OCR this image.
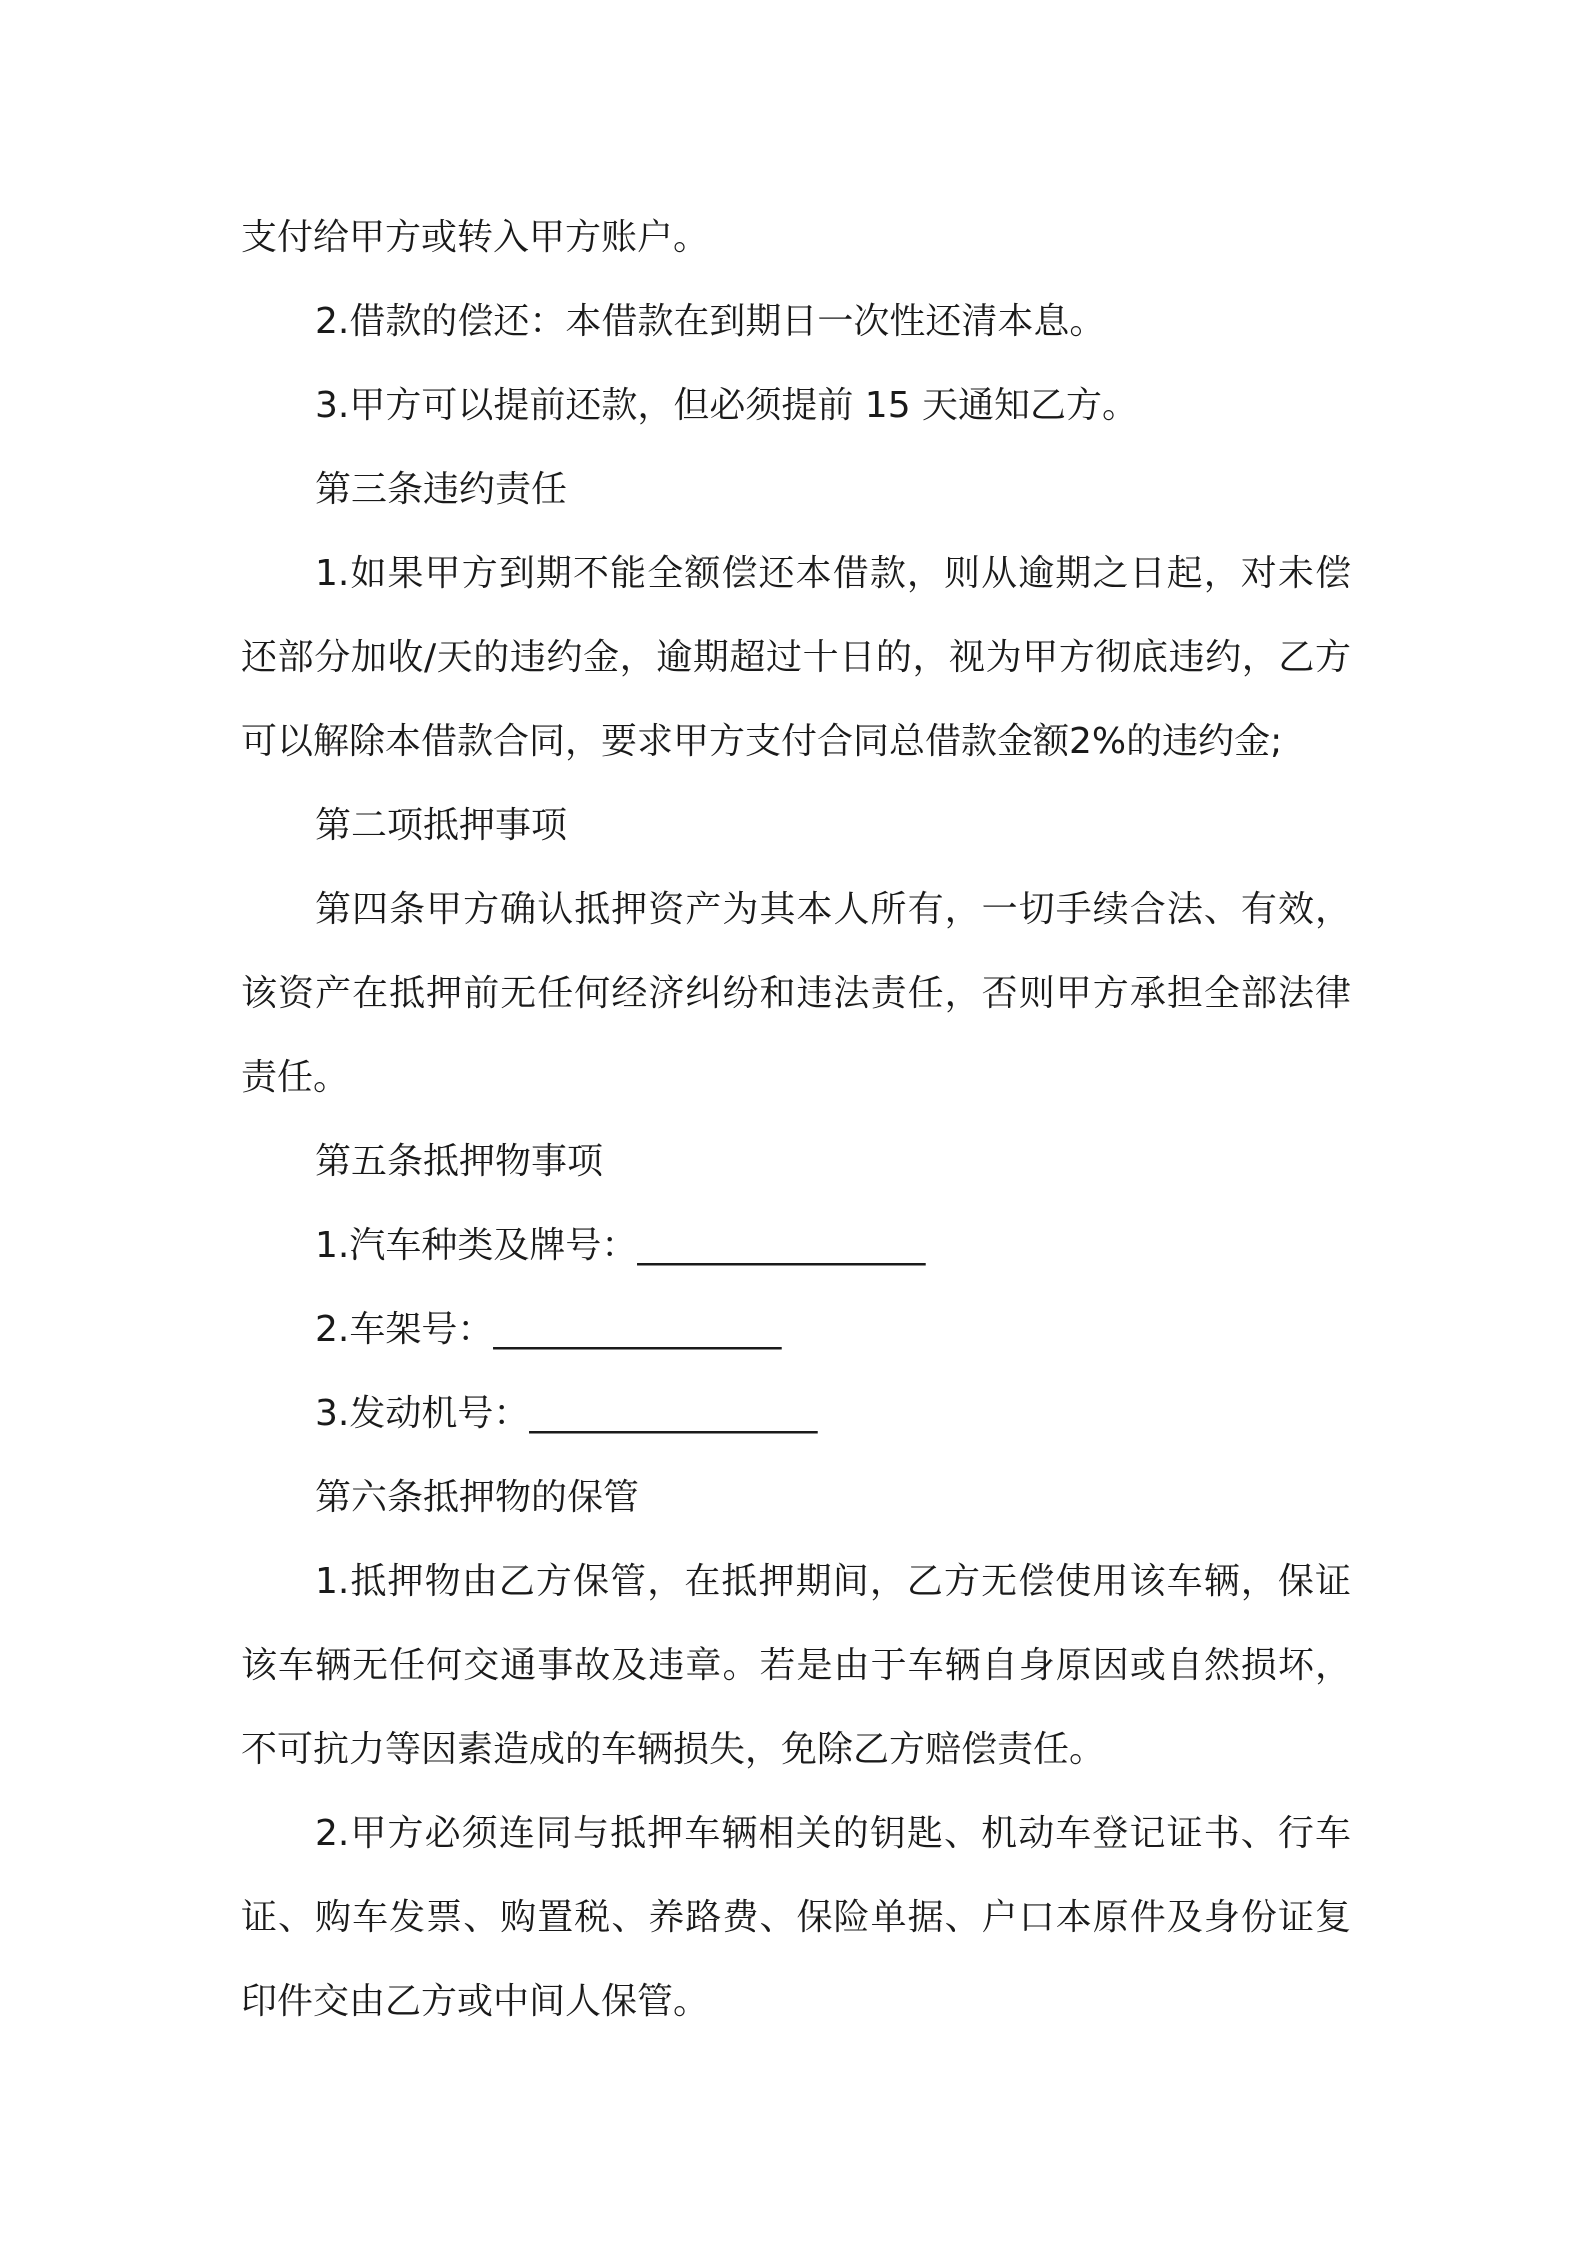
支付给甲方或转入甲方账户。

2.借款的偿还：本借款在到期日一次性还清本息。

3.甲方可以提前还款，但必须提前 15 天通知乙方。

第三条违约责任

1.如果甲方到期不能全额偿还本借款，则从逾期之日起，对未偿还部分加收/天的违约金，逾期超过十日的，视为甲方彻底违约，乙方可以解除本借款合同，要求甲方支付合同总借款金额2%的违约金;

第二项抵押事项

第四条甲方确认抵押资产为其本人所有，一切手续合法、有效，该资产在抵押前无任何经济纠纷和违法责任，否则甲方承担全部法律责任。

第五条抵押物事项

1.汽车种类及牌号：________________

2.车架号：________________

3.发动机号：________________

第六条抵押物的保管

1.抵押物由乙方保管，在抵押期间，乙方无偿使用该车辆，保证该车辆无任何交通事故及违章。若是由于车辆自身原因或自然损坏，不可抗力等因素造成的车辆损失，免除乙方赔偿责任。

2.甲方必须连同与抵押车辆相关的钥匙、机动车登记证书、行车证、购车发票、购置税、养路费、保险单据、户口本原件及身份证复印件交由乙方或中间人保管。
